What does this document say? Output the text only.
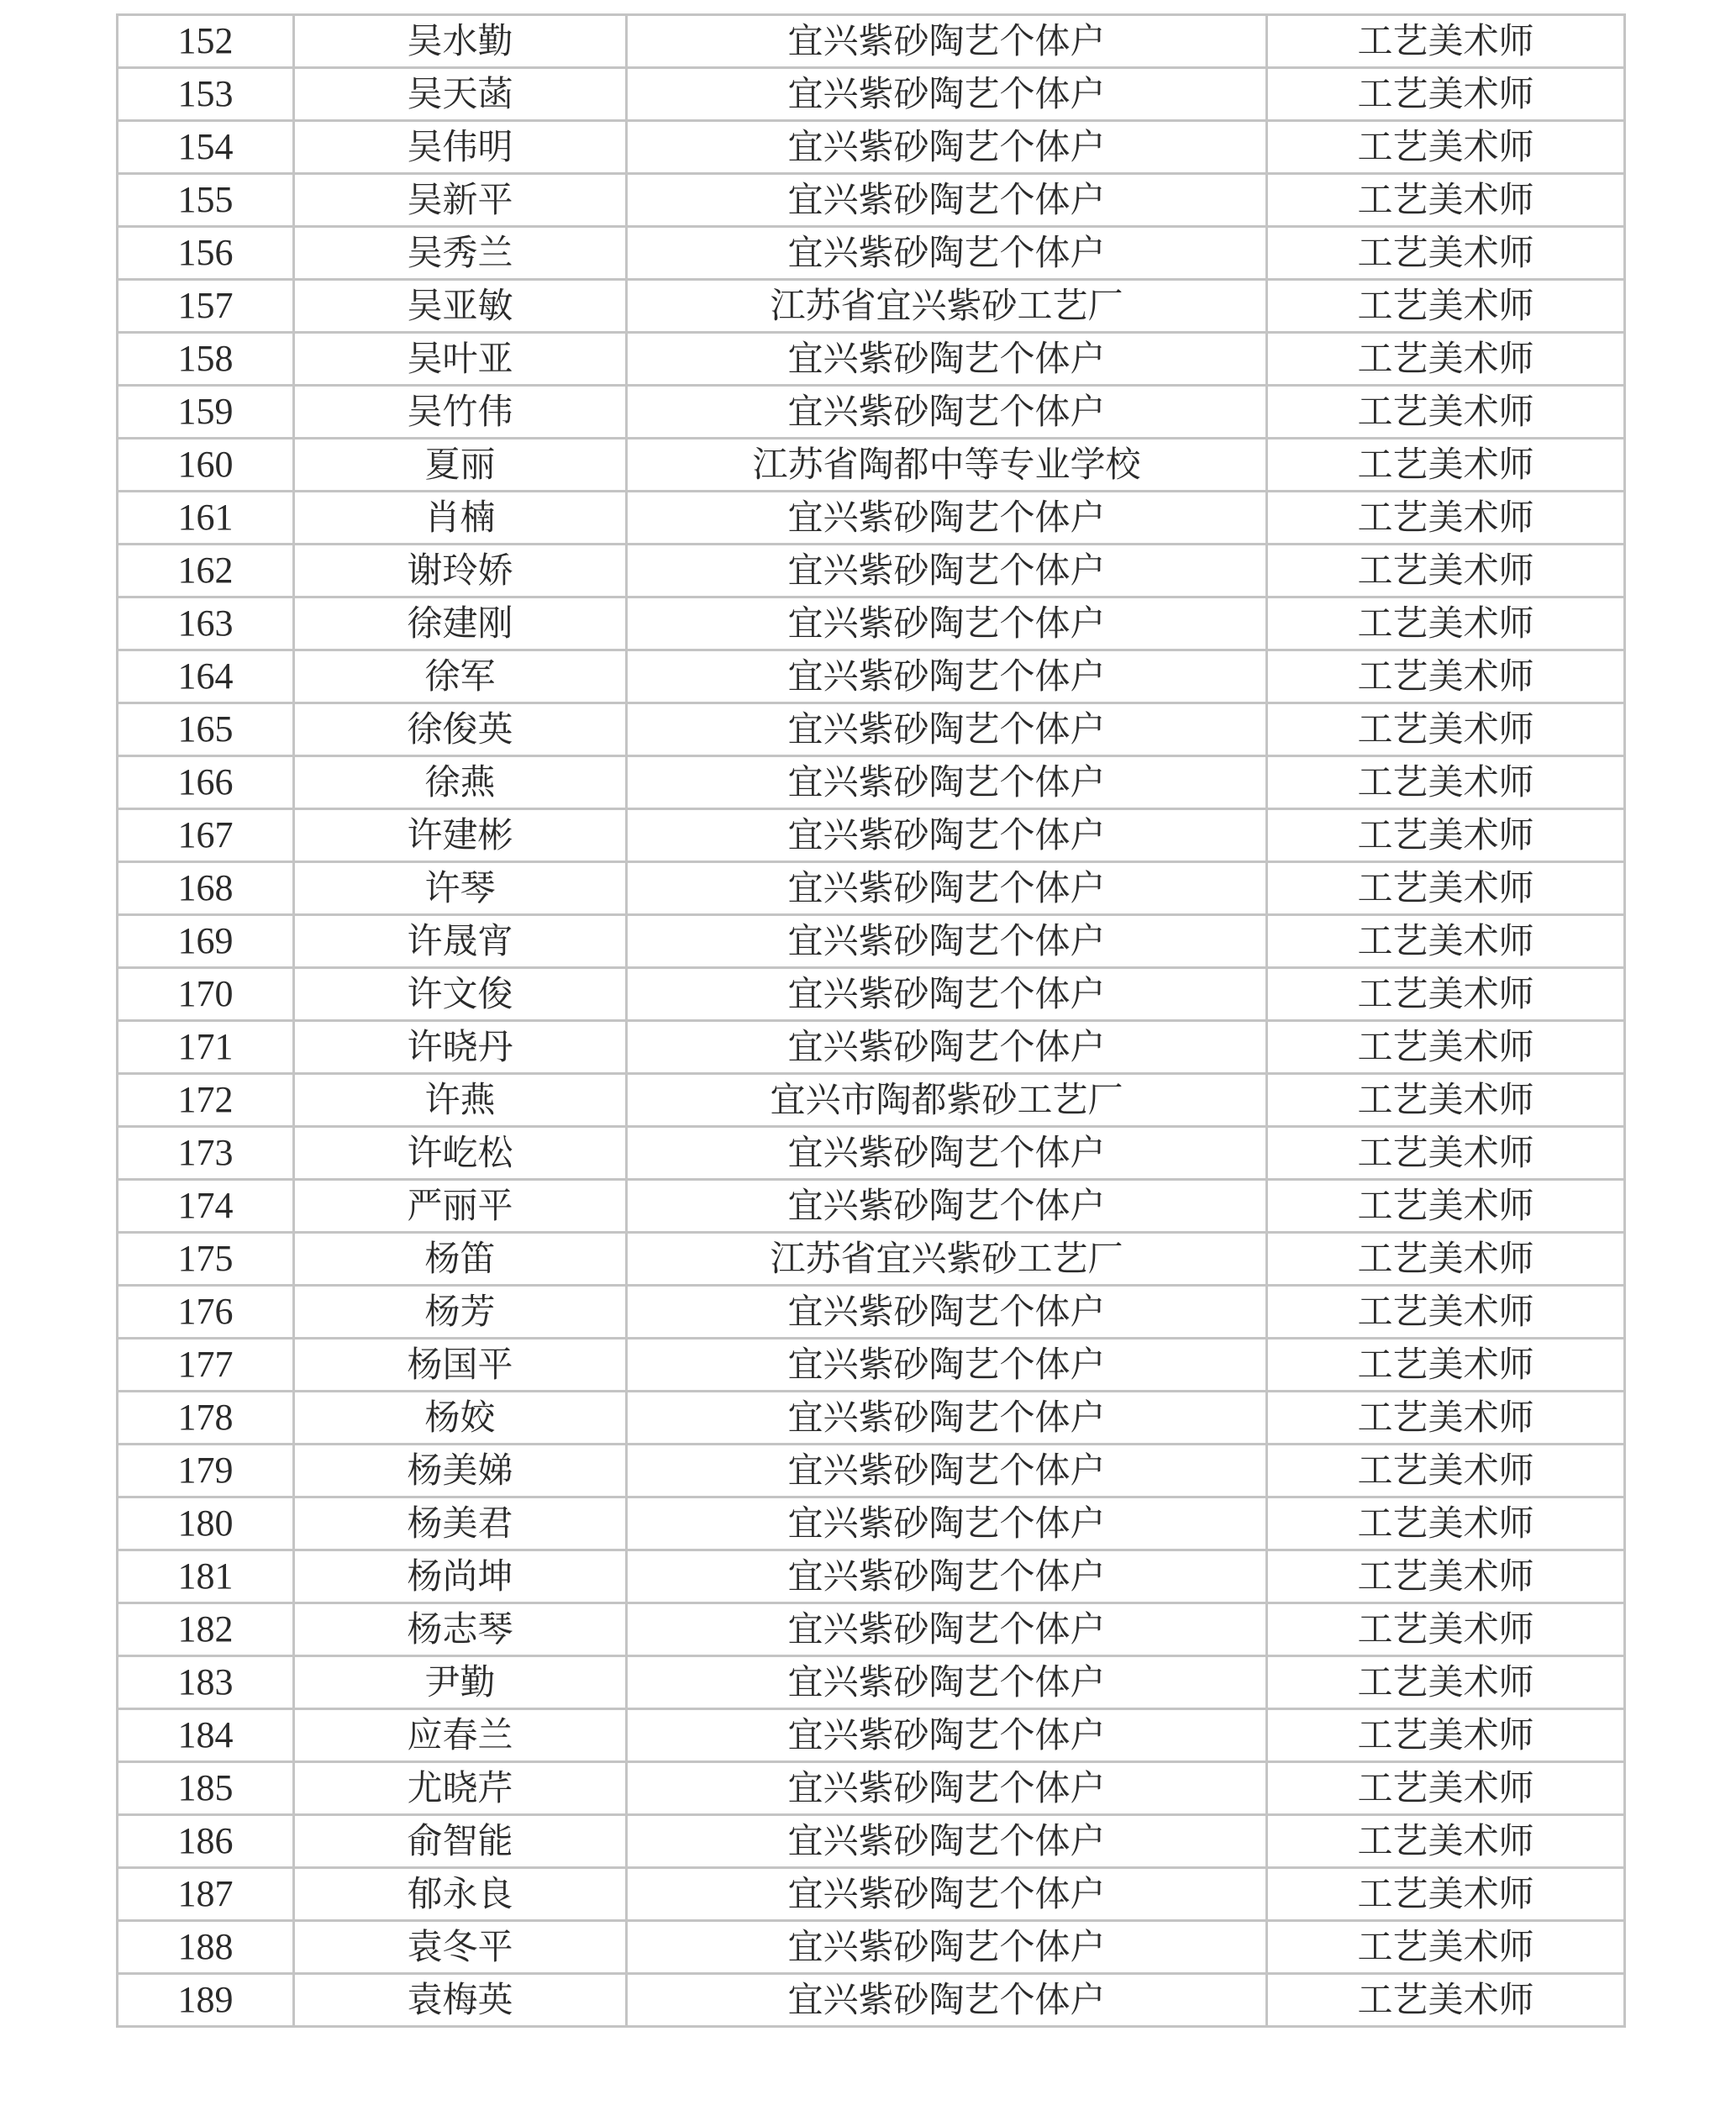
152	吴水勤	宜兴紫砂陶艺个体户	工艺美术师
153	吴天菡	宜兴紫砂陶艺个体户	工艺美术师
154	吴伟明	宜兴紫砂陶艺个体户	工艺美术师
155	吴新平	宜兴紫砂陶艺个体户	工艺美术师
156	吴秀兰	宜兴紫砂陶艺个体户	工艺美术师
157	吴亚敏	江苏省宜兴紫砂工艺厂	工艺美术师
158	吴叶亚	宜兴紫砂陶艺个体户	工艺美术师
159	吴竹伟	宜兴紫砂陶艺个体户	工艺美术师
160	夏丽	江苏省陶都中等专业学校	工艺美术师
161	肖楠	宜兴紫砂陶艺个体户	工艺美术师
162	谢玲娇	宜兴紫砂陶艺个体户	工艺美术师
163	徐建刚	宜兴紫砂陶艺个体户	工艺美术师
164	徐军	宜兴紫砂陶艺个体户	工艺美术师
165	徐俊英	宜兴紫砂陶艺个体户	工艺美术师
166	徐燕	宜兴紫砂陶艺个体户	工艺美术师
167	许建彬	宜兴紫砂陶艺个体户	工艺美术师
168	许琴	宜兴紫砂陶艺个体户	工艺美术师
169	许晟宵	宜兴紫砂陶艺个体户	工艺美术师
170	许文俊	宜兴紫砂陶艺个体户	工艺美术师
171	许晓丹	宜兴紫砂陶艺个体户	工艺美术师
172	许燕	宜兴市陶都紫砂工艺厂	工艺美术师
173	许屹松	宜兴紫砂陶艺个体户	工艺美术师
174	严丽平	宜兴紫砂陶艺个体户	工艺美术师
175	杨笛	江苏省宜兴紫砂工艺厂	工艺美术师
176	杨芳	宜兴紫砂陶艺个体户	工艺美术师
177	杨国平	宜兴紫砂陶艺个体户	工艺美术师
178	杨姣	宜兴紫砂陶艺个体户	工艺美术师
179	杨美娣	宜兴紫砂陶艺个体户	工艺美术师
180	杨美君	宜兴紫砂陶艺个体户	工艺美术师
181	杨尚坤	宜兴紫砂陶艺个体户	工艺美术师
182	杨志琴	宜兴紫砂陶艺个体户	工艺美术师
183	尹勤	宜兴紫砂陶艺个体户	工艺美术师
184	应春兰	宜兴紫砂陶艺个体户	工艺美术师
185	尤晓芹	宜兴紫砂陶艺个体户	工艺美术师
186	俞智能	宜兴紫砂陶艺个体户	工艺美术师
187	郁永良	宜兴紫砂陶艺个体户	工艺美术师
188	袁冬平	宜兴紫砂陶艺个体户	工艺美术师
189	袁梅英	宜兴紫砂陶艺个体户	工艺美术师
